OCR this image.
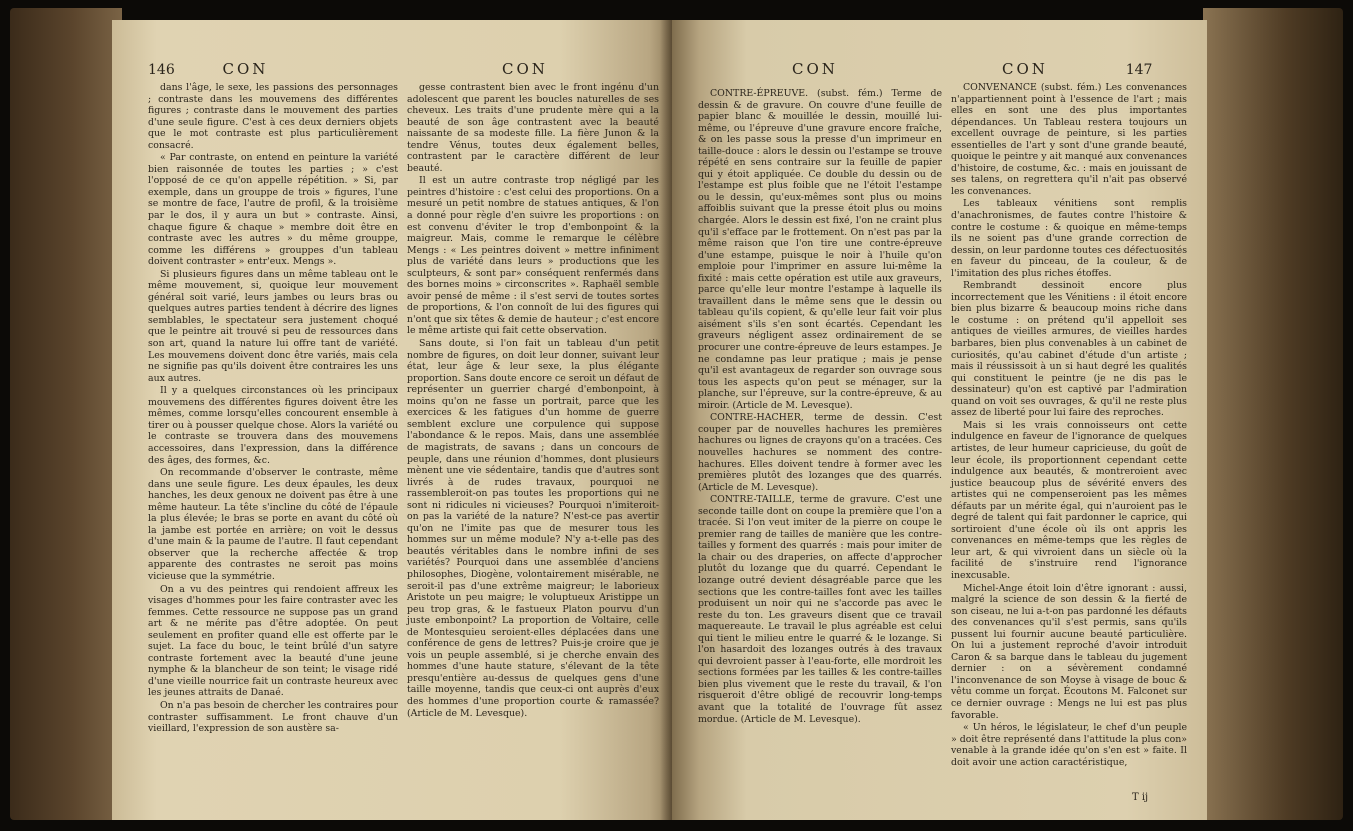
146	CON	CON

dans l'âge, le sexe, les passions des personnages ; contraste dans les mouvemens des différentes figures ; contraste dans le mouvement des parties d'une seule figure. C'est à ces deux derniers objets que le mot contraste est plus particulièrement consacré.

« Par contraste, on entend en peinture la variété bien raisonnée de toutes les parties ; » c'est l'opposé de ce qu'on appelle répétition. » Si, par exemple, dans un grouppe de trois » figures, l'une se montre de face, l'autre de profil, & la troisième par le dos, il y aura un but » contraste. Ainsi, chaque figure & chaque » membre doit être en contraste avec les autres » du même grouppe, comme les différens » grouppes d'un tableau doivent contraster » entr'eux. Mengs ».

Si plusieurs figures dans un même tableau ont le même mouvement, si, quoique leur mouvement général soit varié, leurs jambes ou leurs bras ou quelques autres parties tendent à décrire des lignes semblables, le spectateur sera justement choqué que le peintre ait trouvé si peu de ressources dans son art, quand la nature lui offre tant de variété. Les mouvemens doivent donc être variés, mais cela ne signifie pas qu'ils doivent être contraires les uns aux autres.

Il y a quelques circonstances où les principaux mouvemens des différentes figures doivent être les mêmes, comme lorsqu'elles concourent ensemble à tirer ou à pousser quelque chose. Alors la variété ou le contraste se trouvera dans des mouvemens accessoires, dans l'expression, dans la différence des âges, des formes, &c.

On recommande d'observer le contraste, même dans une seule figure. Les deux épaules, les deux hanches, les deux genoux ne doivent pas être à une même hauteur. La tête s'incline du côté de l'épaule la plus élevée; le bras se porte en avant du côté où la jambe est portée en arrière; on voit le dessus d'une main & la paume de l'autre. Il faut cependant observer que la recherche affectée & trop apparente des contrastes ne seroit pas moins vicieuse que la symmétrie.

On a vu des peintres qui rendoient affreux les visages d'hommes pour les faire contraster avec les femmes. Cette ressource ne suppose pas un grand art & ne mérite pas d'être adoptée. On peut seulement en profiter quand elle est offerte par le sujet. La face du bouc, le teint brûlé d'un satyre contraste fortement avec la beauté d'une jeune nymphe & la blancheur de son teint; le visage ridé d'une vieille nourrice fait un contraste heureux avec les jeunes attraits de Danaé.

On n'a pas besoin de chercher les contraires pour contraster suffisamment. Le front chauve d'un vieillard, l'expression de son austère sa-

gesse contrastent bien avec le front ingénu d'un adolescent que parent les boucles naturelles de ses cheveux. Les traits d'une prudente mère qui a la beauté de son âge contrastent avec la beauté naissante de sa modeste fille. La fière Junon & la tendre Vénus, toutes deux également belles, contrastent par le caractère différent de leur beauté.

Il est un autre contraste trop négligé par les peintres d'histoire : c'est celui des proportions. On a mesuré un petit nombre de statues antiques, & l'on a donné pour règle d'en suivre les proportions : on est convenu d'éviter le trop d'embonpoint & la maigreur. Mais, comme le remarque le célèbre Mengs : « Les peintres doivent » mettre infiniment plus de variété dans leurs » productions que les sculpteurs, & sont par» conséquent renfermés dans des bornes moins » circonscrites ». Raphaël semble avoir pensé de même : il s'est servi de toutes sortes de proportions, & l'on connoît de lui des figures qui n'ont que six têtes & demie de hauteur ; c'est encore le même artiste qui fait cette observation.

Sans doute, si l'on fait un tableau d'un petit nombre de figures, on doit leur donner, suivant leur état, leur âge & leur sexe, la plus élégante proportion. Sans doute encore ce seroit un défaut de représenter un guerrier chargé d'embonpoint, à moins qu'on ne fasse un portrait, parce que les exercices & les fatigues d'un homme de guerre semblent exclure une corpulence qui suppose l'abondance & le repos. Mais, dans une assemblée de magistrats, de savans ; dans un concours de peuple, dans une réunion d'hommes, dont plusieurs mènent une vie sédentaire, tandis que d'autres sont livrés à de rudes travaux, pourquoi ne rassembleroit-on pas toutes les proportions qui ne sont ni ridicules ni vicieuses? Pourquoi n'imiteroit-on pas la variété de la nature? N'est-ce pas avertir qu'on ne l'imite pas que de mesurer tous les hommes sur un même module? N'y a-t-elle pas des beautés véritables dans le nombre infini de ses variétés? Pourquoi dans une assemblée d'anciens philosophes, Diogène, volontairement misérable, ne seroit-il pas d'une extrême maigreur; le laborieux Aristote un peu maigre; le voluptueux Aristippe un peu trop gras, & le fastueux Platon pourvu d'un juste embonpoint? La proportion de Voltaire, celle de Montesquieu seroient-elles déplacées dans une conférence de gens de lettres? Puis-je croire que je vois un peuple assemblé, si je cherche envain des hommes d'une haute stature, s'élevant de la tête presqu'entière au-dessus de quelques gens d'une taille moyenne, tandis que ceux-ci ont auprès d'eux des hommes d'une proportion courte & ramassée? (Article de M. Levesque).

CON	CON	147

CONTRE-ÉPREUVE. (subst. fém.) Terme de dessin & de gravure. On couvre d'une feuille de papier blanc & mouillée le dessin, mouillé lui-même, ou l'épreuve d'une gravure encore fraîche, & on les passe sous la presse d'un imprimeur en taille-douce : alors le dessin ou l'estampe se trouve répété en sens contraire sur la feuille de papier qui y étoit appliquée. Ce double du dessin ou de l'estampe est plus foible que ne l'étoit l'estampe ou le dessin, qu'eux-mêmes sont plus ou moins affoiblis suivant que la presse étoit plus ou moins chargée. Alors le dessin est fixé, l'on ne craint plus qu'il s'efface par le frottement. On n'est pas par la même raison que l'on tire une contre-épreuve d'une estampe, puisque le noir à l'huile qu'on emploie pour l'imprimer en assure lui-même la fixité : mais cette opération est utile aux graveurs, parce qu'elle leur montre l'estampe à laquelle ils travaillent dans le même sens que le dessin ou tableau qu'ils copient, & qu'elle leur fait voir plus aisément s'ils s'en sont écartés. Cependant les graveurs négligent assez ordinairement de se procurer une contre-épreuve de leurs estampes. Je ne condamne pas leur pratique ; mais je pense qu'il est avantageux de regarder son ouvrage sous tous les aspects qu'on peut se ménager, sur la planche, sur l'épreuve, sur la contre-épreuve, & au miroir. (Article de M. Levesque).

CONTRE-HACHER, terme de dessin. C'est couper par de nouvelles hachures les premières hachures ou lignes de crayons qu'on a tracées. Ces nouvelles hachures se nomment des contre-hachures. Elles doivent tendre à former avec les premières plutôt des lozanges que des quarrés. (Article de M. Levesque).

CONTRE-TAILLE, terme de gravure. C'est une seconde taille dont on coupe la première que l'on a tracée. Si l'on veut imiter de la pierre on coupe le premier rang de tailles de manière que les contre-tailles y forment des quarrés : mais pour imiter de la chair ou des draperies, on affecte d'approcher plutôt du lozange que du quarré. Cependant le lozange outré devient désagréable parce que les sections que les contre-tailles font avec les tailles produisent un noir qui ne s'accorde pas avec le reste du ton. Les graveurs disent que ce travail maquereaute. Le travail le plus agréable est celui qui tient le milieu entre le quarré & le lozange. Si l'on hasardoit des lozanges outrés à des travaux qui devroient passer à l'eau-forte, elle mordroit les sections formées par les tailles & les contre-tailles bien plus vivement que le reste du travail, & l'on risqueroit d'être obligé de recouvrir long-temps avant que la totalité de l'ouvrage fût assez mordue. (Article de M. Levesque).

CONVENANCE (subst. fém.) Les convenances n'appartiennent point à l'essence de l'art ; mais elles en sont une des plus importantes dépendances. Un Tableau restera toujours un excellent ouvrage de peinture, si les parties essentielles de l'art y sont d'une grande beauté, quoique le peintre y ait manqué aux convenances d'histoire, de costume, &c. : mais en jouissant de ses talens, on regrettera qu'il n'ait pas observé les convenances.

Les tableaux vénitiens sont remplis d'anachronismes, de fautes contre l'histoire & contre le costume : & quoique en même-temps ils ne soient pas d'une grande correction de dessin, on leur pardonne toutes ces défectuosités en faveur du pinceau, de la couleur, & de l'imitation des plus riches étoffes.

Rembrandt dessinoit encore plus incorrectement que les Vénitiens : il étoit encore bien plus bizarre & beaucoup moins riche dans le costume : on prétend qu'il appelloit ses antiques de vieilles armures, de vieilles hardes barbares, bien plus convenables à un cabinet de curiosités, qu'au cabinet d'étude d'un artiste ; mais il réussissoit à un si haut degré les qualités qui constituent le peintre (je ne dis pas le dessinateur) qu'on est captivé par l'admiration quand on voit ses ouvrages, & qu'il ne reste plus assez de liberté pour lui faire des reproches.

Mais si les vrais connoisseurs ont cette indulgence en faveur de l'ignorance de quelques artistes, de leur humeur capricieuse, du goût de leur école, ils proportionnent cependant cette indulgence aux beautés, & montreroient avec justice beaucoup plus de sévérité envers des artistes qui ne compenseroient pas les mêmes défauts par un mérite égal, qui n'auroient pas le degré de talent qui fait pardonner le caprice, qui sortiroient d'une école où ils ont appris les convenances en même-temps que les règles de leur art, & qui vivroient dans un siècle où la facilité de s'instruire rend l'ignorance inexcusable.

Michel-Ange étoit loin d'être ignorant : aussi, malgré la science de son dessin & la fierté de son ciseau, ne lui a-t-on pas pardonné les défauts des convenances qu'il s'est permis, sans qu'ils pussent lui fournir aucune beauté particulière. On lui a justement reproché d'avoir introduit Caron & sa barque dans le tableau du jugement dernier : on a sévèrement condamné l'inconvenance de son Moyse à visage de bouc & vêtu comme un forçat. Écoutons M. Falconet sur ce dernier ouvrage : Mengs ne lui est pas plus favorable.

« Un héros, le législateur, le chef d'un peuple » doit être représenté dans l'attitude la plus con» venable à la grande idée qu'on s'en est » faite. Il doit avoir une action caractéristique,

T ij
